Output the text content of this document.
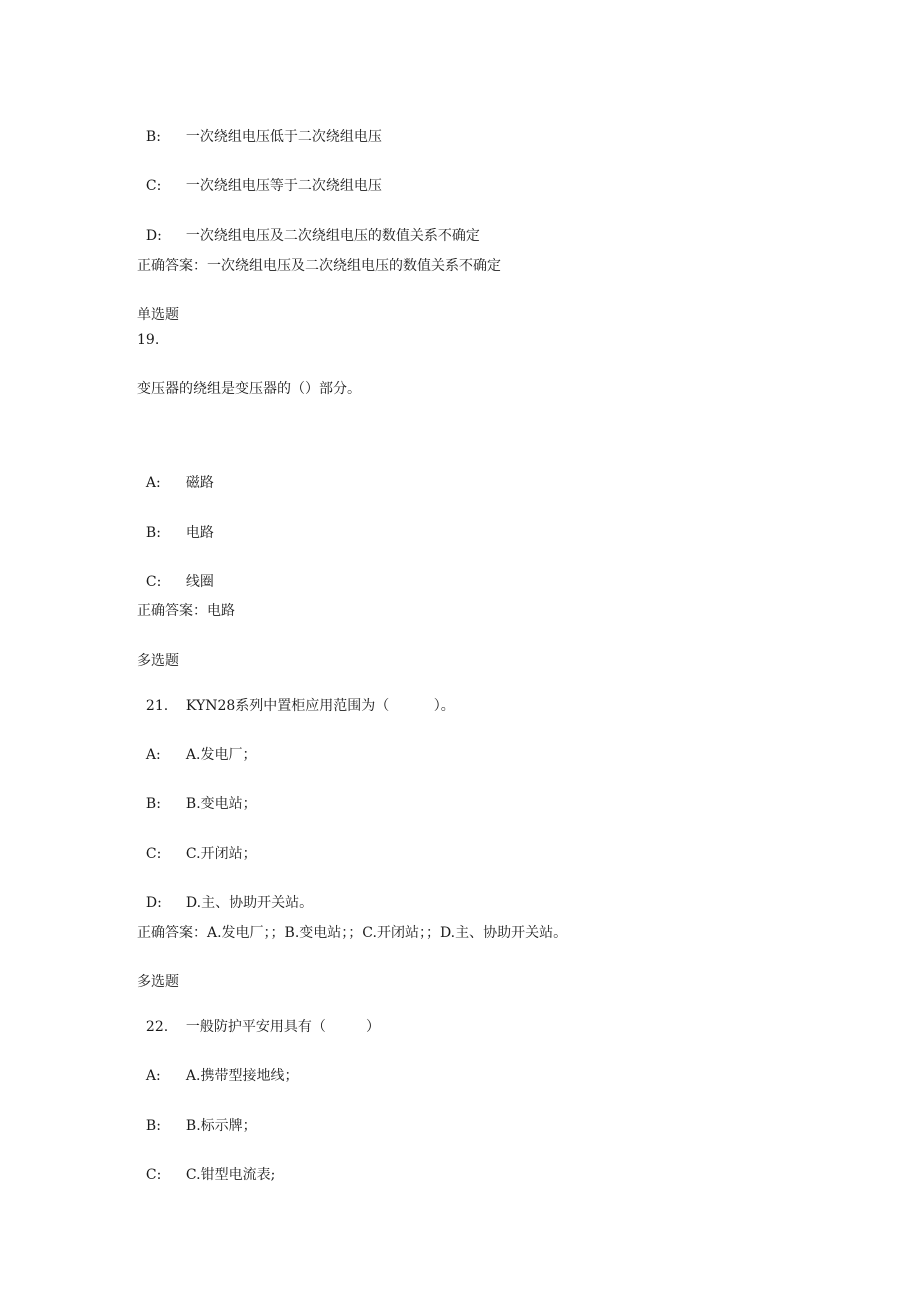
B: 一次绕组电压低于二次绕组电压

C: 一次绕组电压等于二次绕组电压

D: 一次绕组电压及二次绕组电压的数值关系不确定

正确答案：一次绕组电压及二次绕组电压的数值关系不确定
单选题
19.
变压器的绕组是变压器的（）部分。

A: 磁路

B: 电路

C: 线圈

正确答案：电路
多选题

21. KYN28系列中置柜应用范围为（          ）。

A: A.发电厂；

B: B.变电站；

C: C.开闭站；

D: D.主、协助开关站。

正确答案：A.发电厂；；B.变电站；；C.开闭站；；D.主、协助开关站。
多选题

22. 一般防护平安用具有（         ）

A: A.携带型接地线；

B: B.标示牌；

C: C.钳型电流表;
